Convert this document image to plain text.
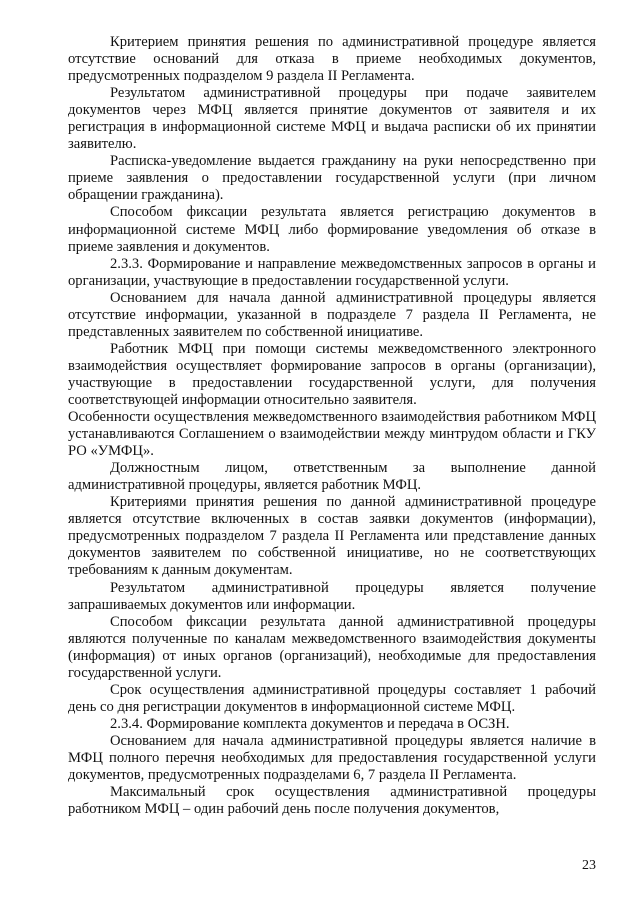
Критерием принятия решения по административной процедуре является отсутствие оснований для отказа в приеме необходимых документов, предусмотренных подразделом 9 раздела II Регламента.

Результатом административной процедуры при подаче заявителем документов через МФЦ является принятие документов от заявителя и их регистрация в информационной системе МФЦ и выдача расписки об их принятии заявителю.

Расписка-уведомление выдается гражданину на руки непосредственно при приеме заявления о предоставлении государственной услуги (при личном обращении гражданина).

Способом фиксации результата является регистрацию документов в информационной системе МФЦ либо формирование уведомления об отказе в приеме заявления и документов.

2.3.3. Формирование и направление межведомственных запросов в органы и организации, участвующие в предоставлении государственной услуги.

Основанием для начала данной административной процедуры является отсутствие информации, указанной в подразделе 7 раздела II Регламента, не представленных заявителем по собственной инициативе.

Работник МФЦ при помощи системы межведомственного электронного взаимодействия осуществляет формирование запросов в органы (организации), участвующие в предоставлении государственной услуги, для получения соответствующей информации относительно заявителя.

Особенности осуществления межведомственного взаимодействия работником МФЦ устанавливаются Соглашением о взаимодействии между минтрудом области и ГКУ РО «УМФЦ».

Должностным лицом, ответственным за выполнение данной административной процедуры, является работник МФЦ.

Критериями принятия решения по данной административной процедуре является отсутствие включенных в состав заявки документов (информации), предусмотренных подразделом 7 раздела II Регламента или представление данных документов заявителем по собственной инициативе, но не соответствующих требованиям к данным документам.

Результатом административной процедуры является получение запрашиваемых документов или информации.

Способом фиксации результата данной административной процедуры являются полученные по каналам межведомственного взаимодействия документы (информация) от иных органов (организаций), необходимые для предоставления государственной услуги.

Срок осуществления административной процедуры составляет 1 рабочий день со дня регистрации документов в информационной системе МФЦ.

2.3.4. Формирование комплекта документов и передача в ОСЗН.

Основанием для начала административной процедуры является наличие в МФЦ полного перечня необходимых для предоставления государственной услуги документов, предусмотренных подразделами 6, 7 раздела II Регламента.

Максимальный срок осуществления административной процедуры работником МФЦ – один рабочий день после получения документов,

23
